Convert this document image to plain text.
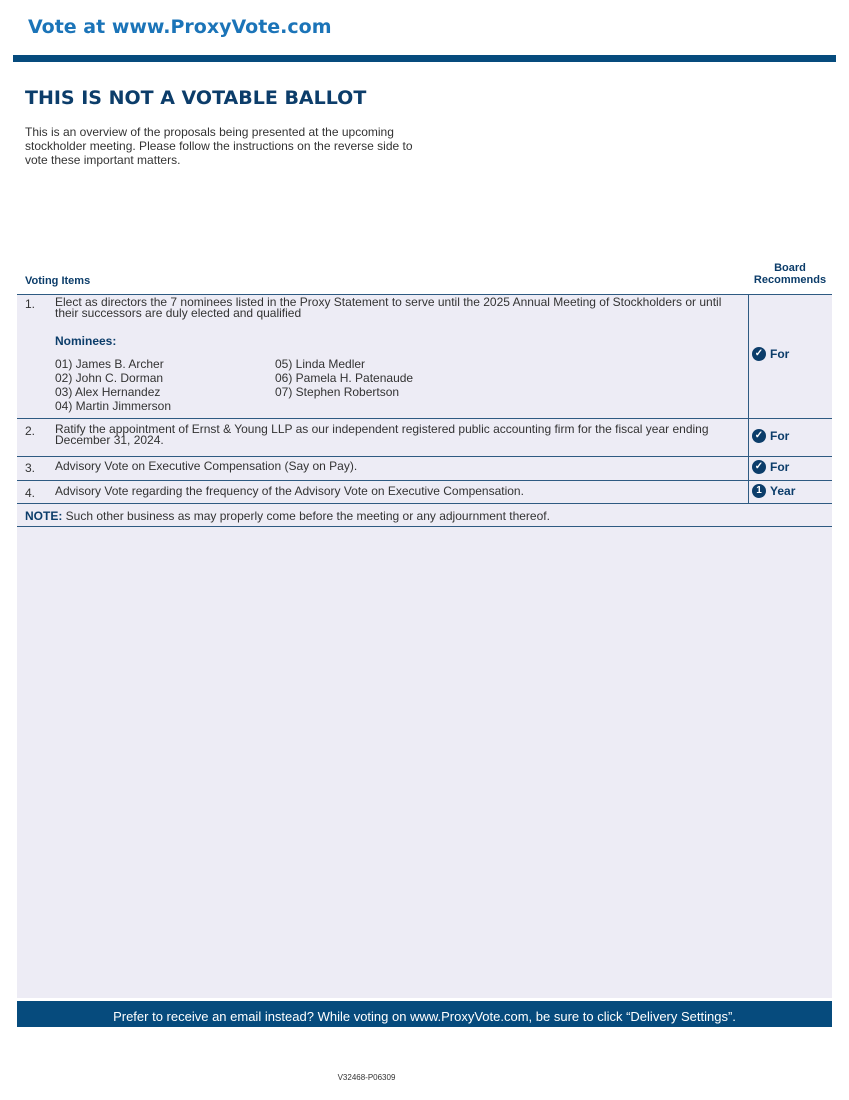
Vote at www.ProxyVote.com

THIS IS NOT A VOTABLE BALLOT

This is an overview of the proposals being presented at the upcoming stockholder meeting. Please follow the instructions on the reverse side to vote these important matters.

Voting Items
Board Recommends
1. Elect as directors the 7 nominees listed in the Proxy Statement to serve until the 2025 Annual Meeting of Stockholders or until their successors are duly elected and qualified
Nominees:
01) James B. Archer
02) John C. Dorman
03) Alex Hernandez
04) Martin Jimmerson
05) Linda Medler
06) Pamela H. Patenaude
07) Stephen Robertson
✓ For
2. Ratify the appointment of Ernst & Young LLP as our independent registered public accounting firm for the fiscal year ending December 31, 2024.	✓ For
3. Advisory Vote on Executive Compensation (Say on Pay).	✓ For
4. Advisory Vote regarding the frequency of the Advisory Vote on Executive Compensation.	1 Year
NOTE: Such other business as may properly come before the meeting or any adjournment thereof.

Prefer to receive an email instead? While voting on www.ProxyVote.com, be sure to click “Delivery Settings”.

V32468-P06309
